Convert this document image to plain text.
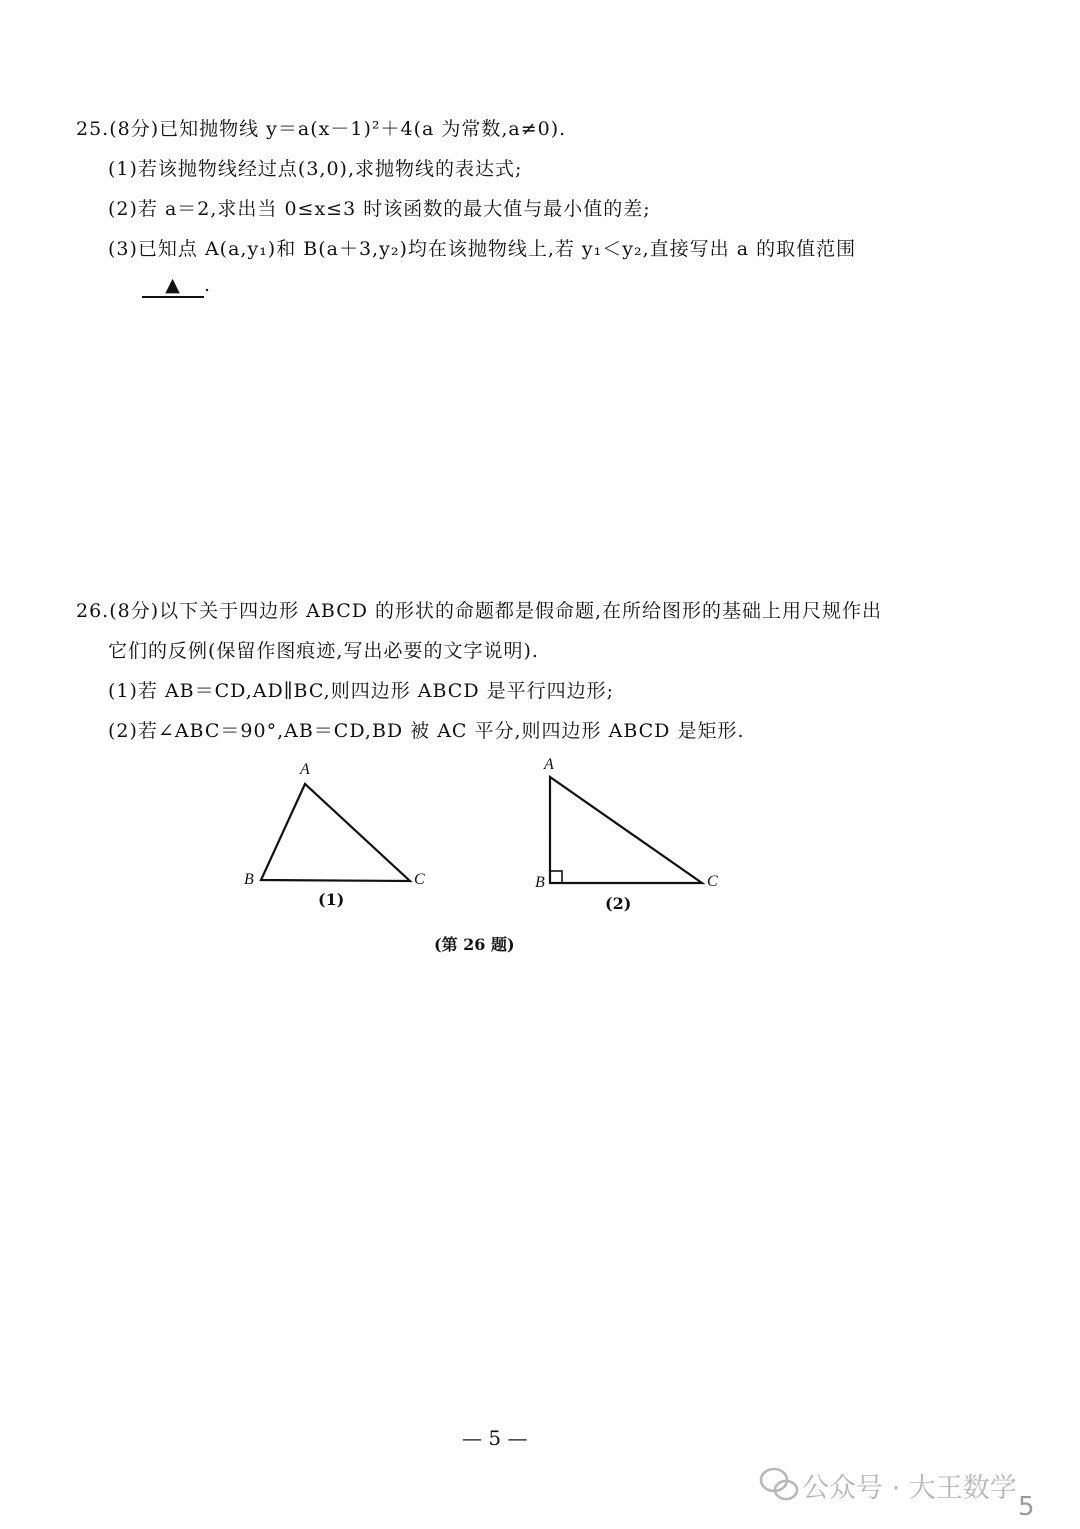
25.(8分)已知抛物线 y＝a(x－1)²＋4(a 为常数,a≠0).
(1)若该抛物线经过点(3,0),求抛物线的表达式;
(2)若 a＝2,求出当 0≤x≤3 时该函数的最大值与最小值的差;
(3)已知点 A(a,y₁)和 B(a＋3,y₂)均在该抛物线上,若 y₁＜y₂,直接写出 a 的取值范围
▲ .
26.(8分)以下关于四边形 ABCD 的形状的命题都是假命题,在所给图形的基础上用尺规作出
它们的反例(保留作图痕迹,写出必要的文字说明).
(1)若 AB＝CD,AD∥BC,则四边形 ABCD 是平行四边形;
(2)若∠ABC＝90°,AB＝CD,BD 被 AC 平分,则四边形 ABCD 是矩形.
A
B	C
(1)
A
B	C
(2)
(第 26 题)
— 5 —
公众号 · 大王数学
5
